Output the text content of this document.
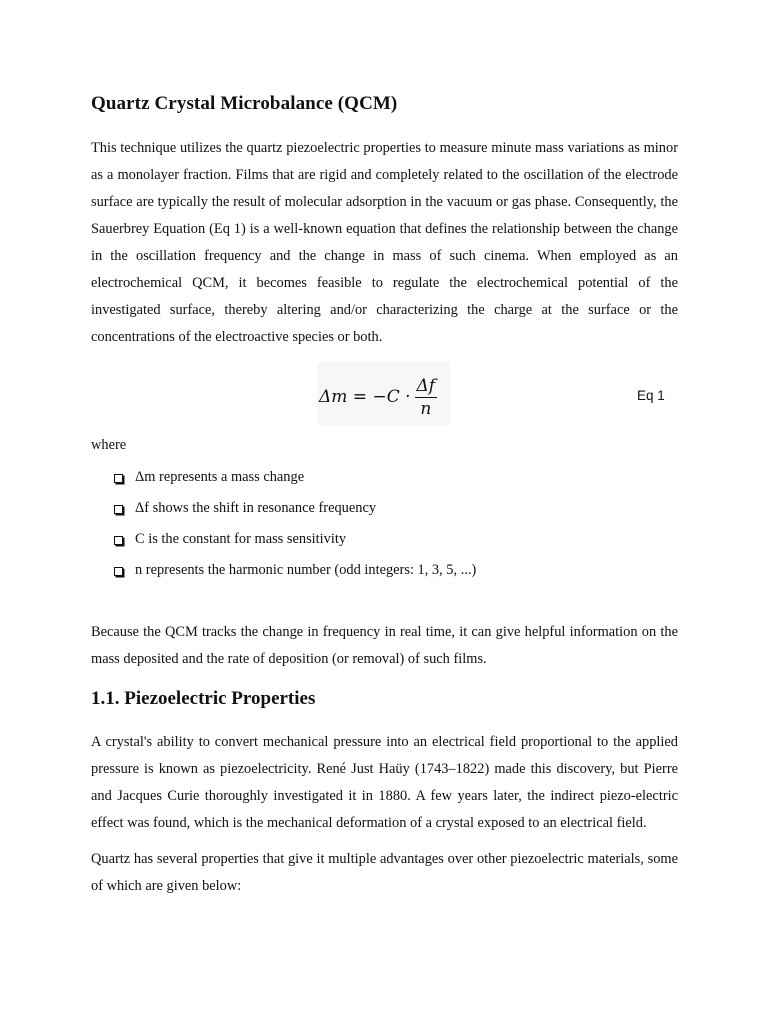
Quartz Crystal Microbalance (QCM)

This technique utilizes the quartz piezoelectric properties to measure minute mass variations as minor as a monolayer fraction. Films that are rigid and completely related to the oscillation of the electrode surface are typically the result of molecular adsorption in the vacuum or gas phase. Consequently, the Sauerbrey Equation (Eq 1) is a well-known equation that defines the relationship between the change in the oscillation frequency and the change in mass of such cinema. When employed as an electrochemical QCM, it becomes feasible to regulate the electrochemical potential of the investigated surface, thereby altering and/or characterizing the charge at the surface or the concentrations of the electroactive species or both.

$\Delta m = -C \cdot \frac{\Delta f}{n}$	Eq 1

where

Δm represents a mass change
Δf shows the shift in resonance frequency
C is the constant for mass sensitivity
n represents the harmonic number (odd integers: 1, 3, 5, ...)

Because the QCM tracks the change in frequency in real time, it can give helpful information on the mass deposited and the rate of deposition (or removal) of such films.

1.1. Piezoelectric Properties

A crystal's ability to convert mechanical pressure into an electrical field proportional to the applied pressure is known as piezoelectricity. René Just Haüy (1743–1822) made this discovery, but Pierre and Jacques Curie thoroughly investigated it in 1880. A few years later, the indirect piezo-electric effect was found, which is the mechanical deformation of a crystal exposed to an electrical field.

Quartz has several properties that give it multiple advantages over other piezoelectric materials, some of which are given below:
